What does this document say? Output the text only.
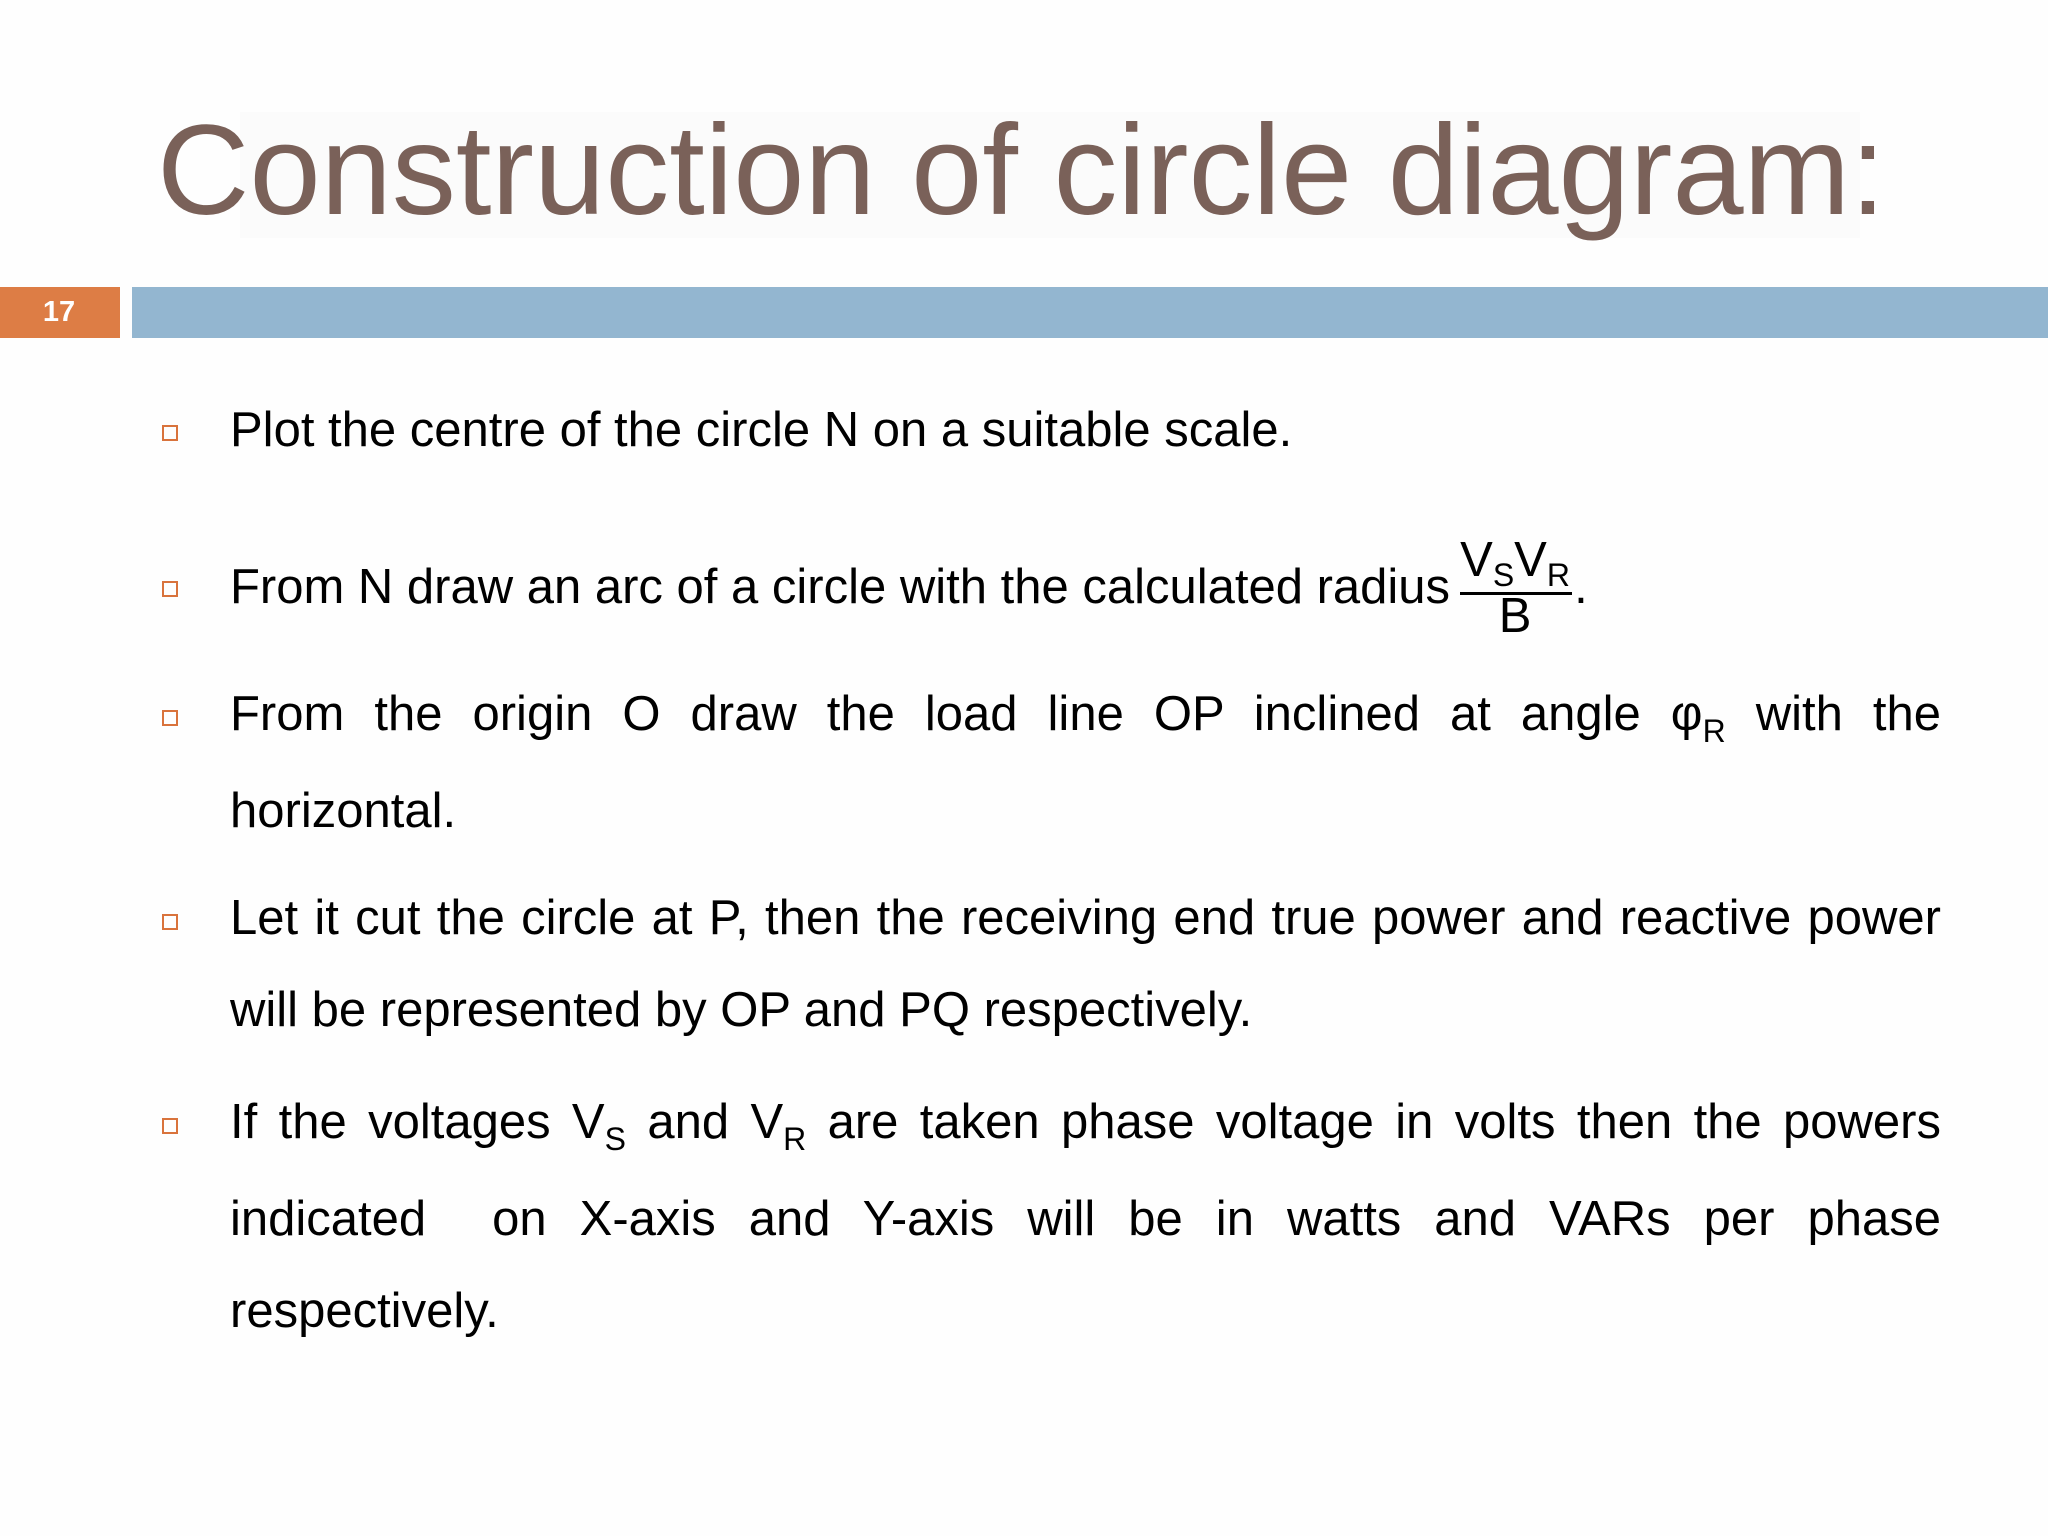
Construction of circle diagram:
17
Plot the centre of the circle N on a suitable scale.
From N draw an arc of a circle with the calculated radius $\frac{V_SV_R}{B}$ .
From the origin O draw the load line OP inclined at angle $\varphi_R$ with the horizontal.
Let it cut the circle at P, then the receiving end true power and reactive power will be represented by OP and PQ respectively.
If the voltages $V_S$ and $V_R$ are taken phase voltage in volts then the powers indicated  on X-axis and Y-axis will be in watts and VARs per phase respectively.
